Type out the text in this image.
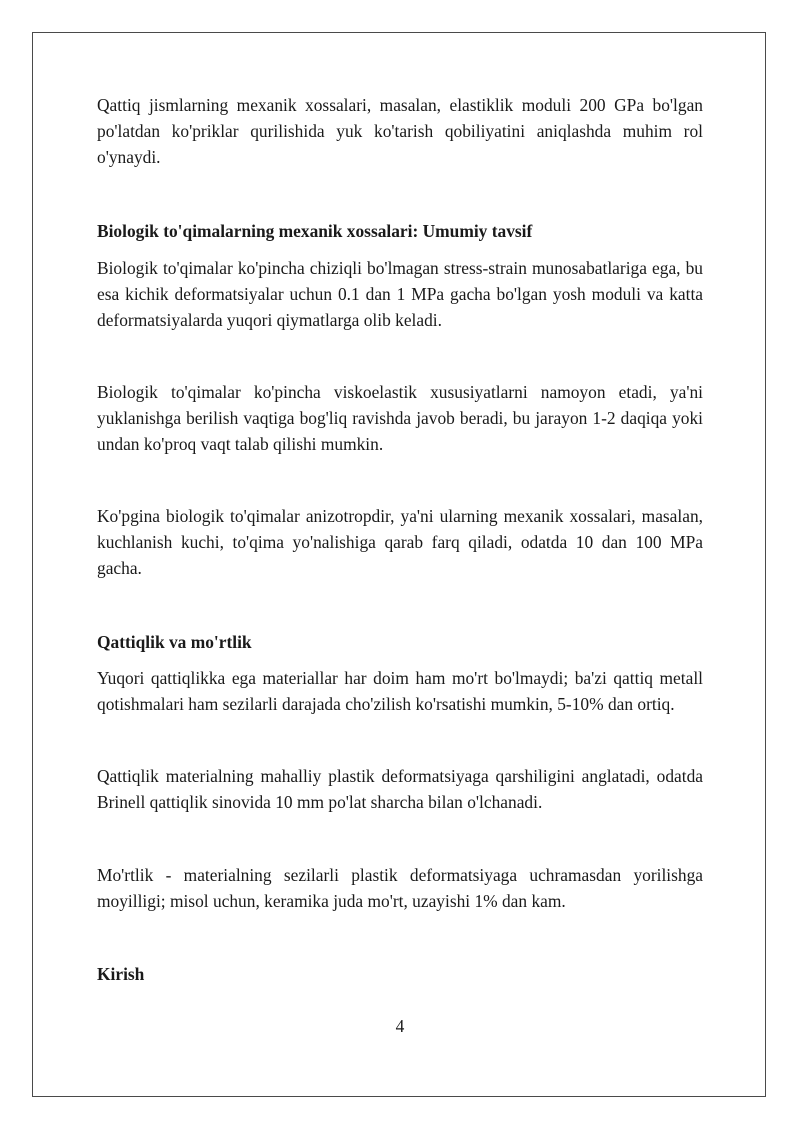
Qattiq jismlarning mexanik xossalari, masalan, elastiklik moduli 200 GPa bo'lgan po'latdan ko'priklar qurilishida yuk ko'tarish qobiliyatini aniqlashda muhim rol o'ynaydi.

Biologik to'qimalarning mexanik xossalari: Umumiy tavsif

Biologik to'qimalar ko'pincha chiziqli bo'lmagan stress-strain munosabatlariga ega, bu esa kichik deformatsiyalar uchun 0.1 dan 1 MPa gacha bo'lgan yosh moduli va katta deformatsiyalarda yuqori qiymatlarga olib keladi.

Biologik to'qimalar ko'pincha viskoelastik xususiyatlarni namoyon etadi, ya'ni yuklanishga berilish vaqtiga bog'liq ravishda javob beradi, bu jarayon 1-2 daqiqa yoki undan ko'proq vaqt talab qilishi mumkin.

Ko'pgina biologik to'qimalar anizotropdir, ya'ni ularning mexanik xossalari, masalan, kuchlanish kuchi, to'qima yo'nalishiga qarab farq qiladi, odatda 10 dan 100 MPa gacha.

Qattiqlik va mo'rtlik

Yuqori qattiqlikka ega materiallar har doim ham mo'rt bo'lmaydi; ba'zi qattiq metall qotishmalari ham sezilarli darajada cho'zilish ko'rsatishi mumkin, 5-10% dan ortiq.

Qattiqlik materialning mahalliy plastik deformatsiyaga qarshiligini anglatadi, odatda Brinell qattiqlik sinovida 10 mm po'lat sharcha bilan o'lchanadi.

Mo'rtlik - materialning sezilarli plastik deformatsiyaga uchramasdan yorilishga moyilligi; misol uchun, keramika juda mo'rt, uzayishi 1% dan kam.

Kirish

4
